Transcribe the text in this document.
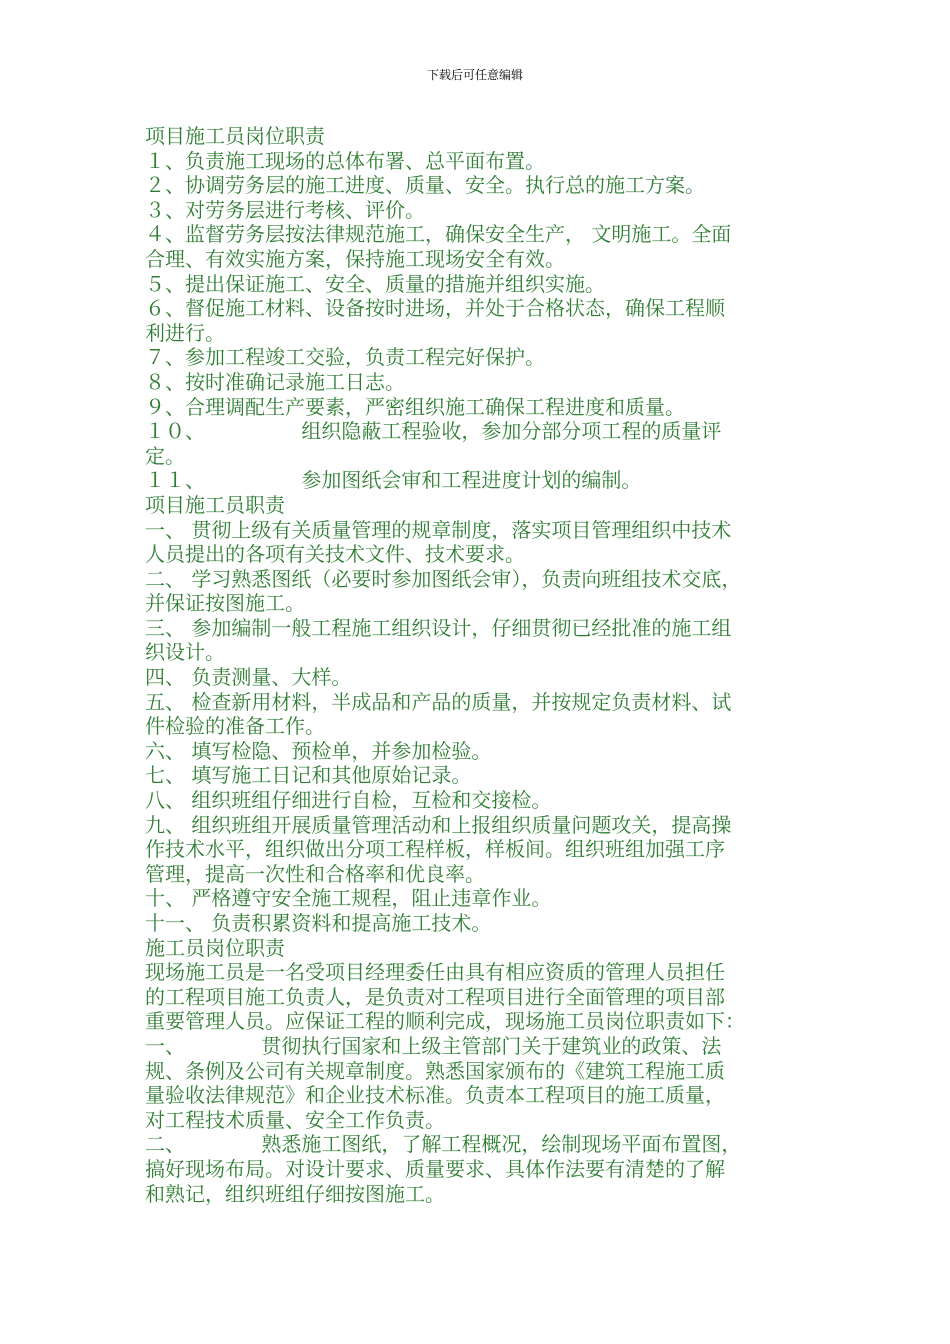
下载后可任意编辑

项目施工员岗位职责

１、负责施工现场的总体布署、总平面布置。

２、协调劳务层的施工进度、质量、安全。执行总的施工方案。

３、对劳务层进行考核、评价。

４、监督劳务层按法律规范施工，确保安全生产， 文明施工。全面

合理、有效实施方案，保持施工现场安全有效。

５、提出保证施工、安全、质量的措施并组织实施。

６、督促施工材料、设备按时进场，并处于合格状态，确保工程顺

利进行。

７、参加工程竣工交验，负责工程完好保护。

８、按时准确记录施工日志。

９、合理调配生产要素，严密组织施工确保工程进度和质量。

１０、　　　　　 组织隐蔽工程验收，参加分部分项工程的质量评

定。

１１、　　　　　 参加图纸会审和工程进度计划的编制。

项目施工员职责

一、 贯彻上级有关质量管理的规章制度，落实项目管理组织中技术

人员提出的各项有关技术文件、技术要求。

二、 学习熟悉图纸（必要时参加图纸会审），负责向班组技术交底，

并保证按图施工。

三、 参加编制一般工程施工组织设计，仔细贯彻已经批准的施工组

织设计。

四、 负责测量、大样。

五、 检查新用材料，半成品和产品的质量，并按规定负责材料、试

件检验的准备工作。

六、 填写检隐、预检单，并参加检验。

七、 填写施工日记和其他原始记录。

八、 组织班组仔细进行自检，互检和交接检。

九、 组织班组开展质量管理活动和上报组织质量问题攻关，提高操

作技术水平，组织做出分项工程样板，样板间。组织班组加强工序

管理，提高一次性和合格率和优良率。

十、 严格遵守安全施工规程，阻止违章作业。

十一、 负责积累资料和提高施工技术。

施工员岗位职责

现场施工员是一名受项目经理委任由具有相应资质的管理人员担任

的工程项目施工负责人，是负责对工程项目进行全面管理的项目部

重要管理人员。应保证工程的顺利完成，现场施工员岗位职责如下：

一、　　　　 贯彻执行国家和上级主管部门关于建筑业的政策、法

规、条例及公司有关规章制度。熟悉国家颁布的《建筑工程施工质

量验收法律规范》和企业技术标准。负责本工程项目的施工质量，

对工程技术质量、安全工作负责。

二、　　　　 熟悉施工图纸，了解工程概况，绘制现场平面布置图，

搞好现场布局。对设计要求、质量要求、具体作法要有清楚的了解

和熟记，组织班组仔细按图施工。
